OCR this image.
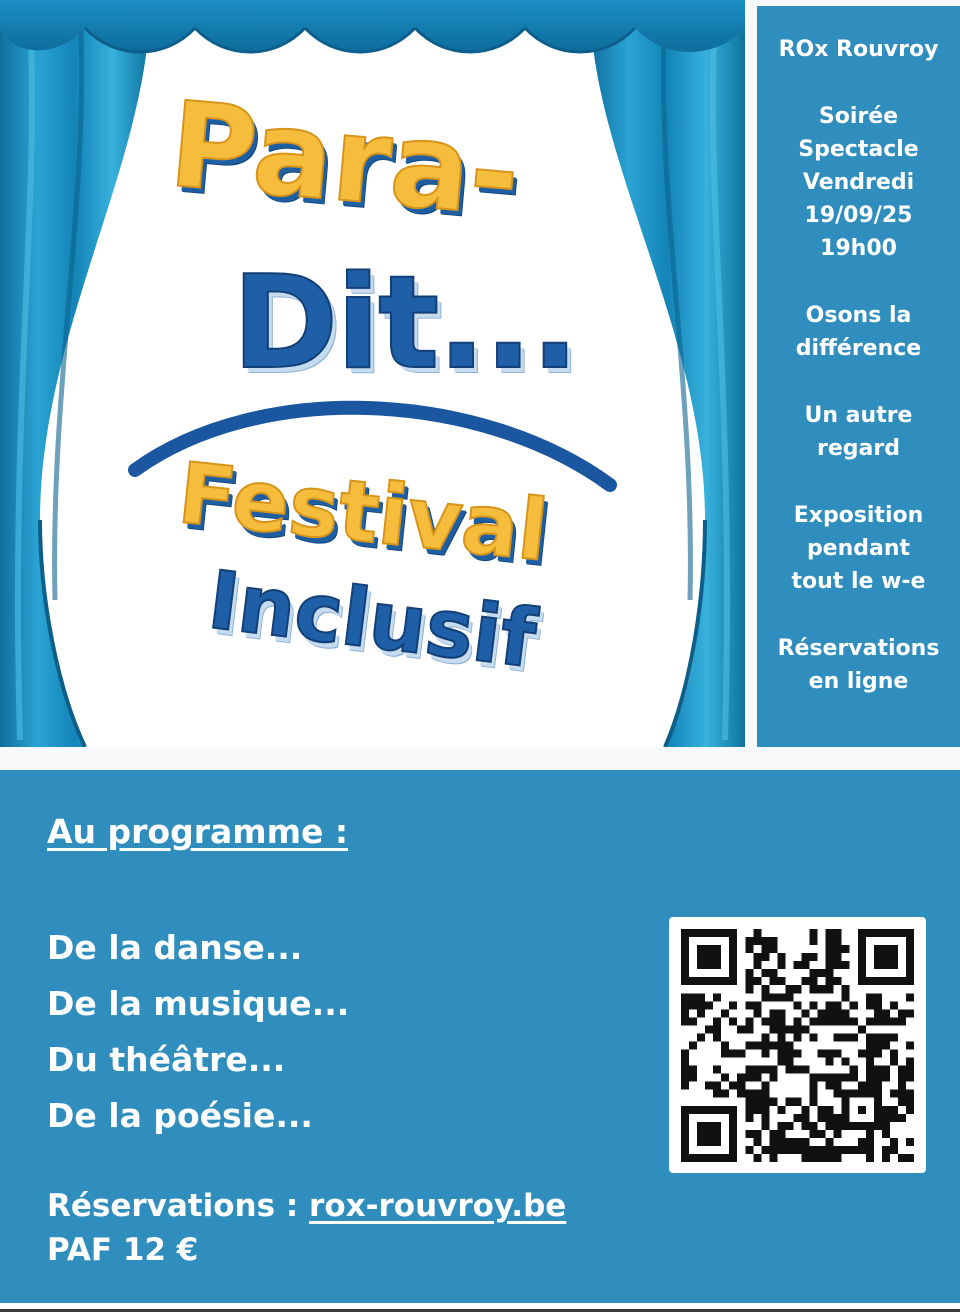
Para-
Dit...
Festival
Inclusif

ROx Rouvroy

Soirée
Spectacle
Vendredi
19/09/25
19h00

Osons la
différence

Un autre
regard

Exposition
pendant
tout le w-e

Réservations
en ligne

Au programme :
De la danse...
De la musique...
Du théâtre...
De la poésie...

Réservations : rox-rouvroy.be

PAF 12 €
